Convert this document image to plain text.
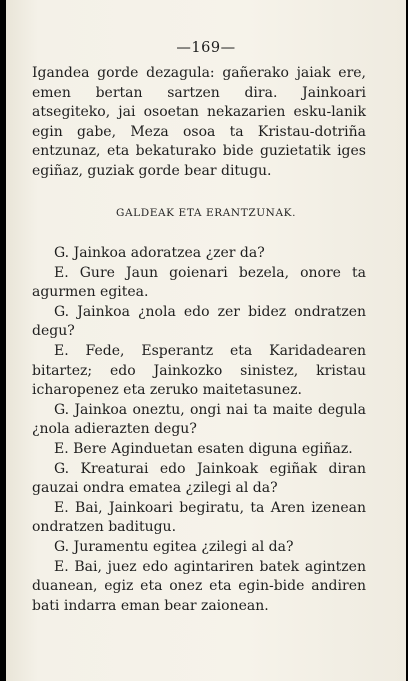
—169—

Igandea gorde dezagula: gañerako jaiak ere, emen bertan sartzen dira. Jainkoari atsegiteko, jai osoetan nekazarien esku-lanik egin gabe, Meza osoa ta Kristau-dotriña entzunaz, eta bekaturako bide guzietatik iges egiñaz, guziak gorde bear ditugu.

GALDEAK ETA ERANTZUNAK.

G. Jainkoa adoratzea ¿zer da?

E. Gure Jaun goienari bezela, onore ta agurmen egitea.

G. Jainkoa ¿nola edo zer bidez ondratzen degu?

E. Fede, Esperantz eta Karidadearen bitartez; edo Jainkozko sinistez, kristau icharopenez eta zeruko maitetasunez.

G. Jainkoa oneztu, ongi nai ta maite degula ¿nola adierazten degu?

E. Bere Aginduetan esaten diguna egiñaz.

G. Kreaturai edo Jainkoak egiñak diran gauzai ondra ematea ¿zilegi al da?

E. Bai, Jainkoari begiratu, ta Aren izenean ondratzen baditugu.

G. Juramentu egitea ¿zilegi al da?

E. Bai, juez edo agintariren batek agintzen duanean, egiz eta onez eta egin-bide andiren bati indarra eman bear zaionean.
